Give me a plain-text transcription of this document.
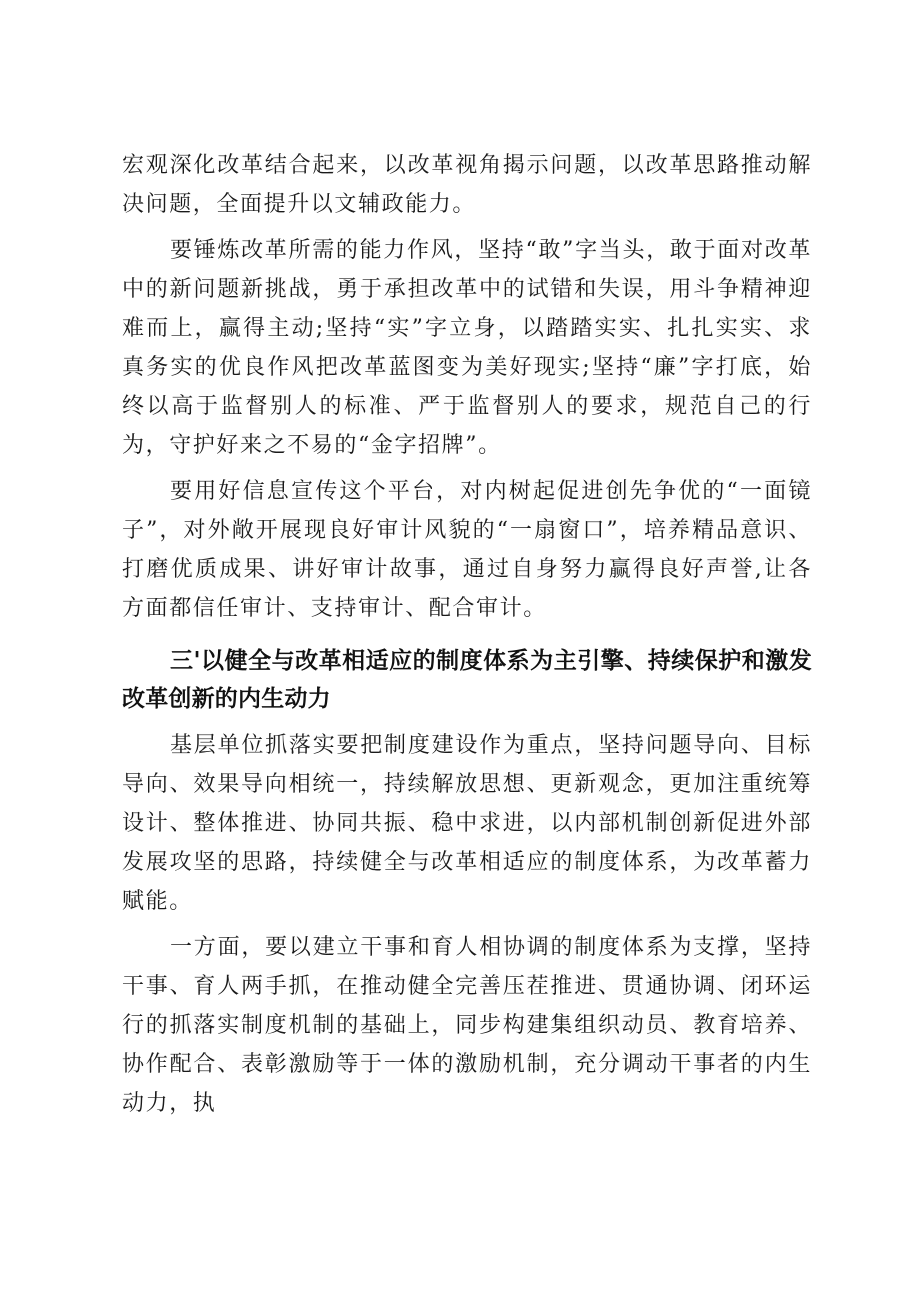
宏观深化改革结合起来，以改革视角揭示问题，以改革思路推动解决问题，全面提升以文辅政能力。

要锤炼改革所需的能力作风，坚持“敢”字当头，敢于面对改革中的新问题新挑战，勇于承担改革中的试错和失误，用斗争精神迎难而上，赢得主动;坚持“实”字立身，以踏踏实实、扎扎实实、求真务实的优良作风把改革蓝图变为美好现实;坚持“廉”字打底，始终以高于监督别人的标准、严于监督别人的要求，规范自己的行为，守护好来之不易的“金字招牌”。

要用好信息宣传这个平台，对内树起促进创先争优的“一面镜子”，对外敞开展现良好审计风貌的“一扇窗口”，培养精品意识、打磨优质成果、讲好审计故事，通过自身努力赢得良好声誉,让各方面都信任审计、支持审计、配合审计。

三'以健全与改革相适应的制度体系为主引擎、持续保护和激发改革创新的内生动力

基层单位抓落实要把制度建设作为重点，坚持问题导向、目标导向、效果导向相统一，持续解放思想、更新观念，更加注重统筹设计、整体推进、协同共振、稳中求进，以内部机制创新促进外部发展攻坚的思路，持续健全与改革相适应的制度体系，为改革蓄力赋能。

一方面，要以建立干事和育人相协调的制度体系为支撑，坚持干事、育人两手抓，在推动健全完善压茬推进、贯通协调、闭环运行的抓落实制度机制的基础上，同步构建集组织动员、教育培养、协作配合、表彰激励等于一体的激励机制，充分调动干事者的内生动力，执
